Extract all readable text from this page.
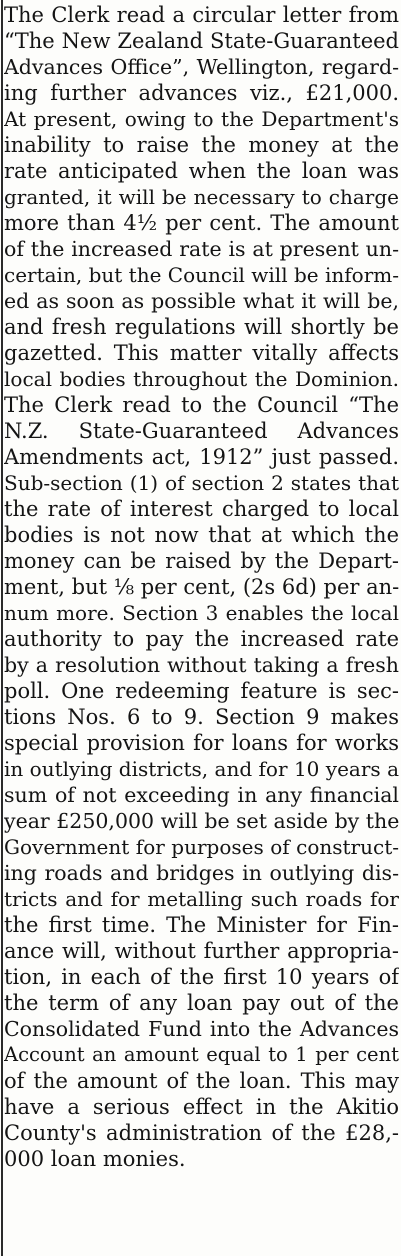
The Clerk read a circular letter from
“The New Zealand State-Guaranteed
Advances Office”, Wellington, regard-
ing further advances viz., £21,000.
At present, owing to the Department's
inability to raise the money at the
rate anticipated when the loan was
granted, it will be necessary to charge
more than 4½ per cent. The amount
of the increased rate is at present un-
certain, but the Council will be inform-
ed as soon as possible what it will be,
and fresh regulations will shortly be
gazetted. This matter vitally affects
local bodies throughout the Dominion.
The Clerk read to the Council “The
N.Z. State-Guaranteed Advances
Amendments act, 1912” just passed.
Sub-section (1) of section 2 states that
the rate of interest charged to local
bodies is not now that at which the
money can be raised by the Depart-
ment, but ⅛ per cent, (2s 6d) per an-
num more. Section 3 enables the local
authority to pay the increased rate
by a resolution without taking a fresh
poll. One redeeming feature is sec-
tions Nos. 6 to 9. Section 9 makes
special provision for loans for works
in outlying districts, and for 10 years a
sum of not exceeding in any financial
year £250,000 will be set aside by the
Government for purposes of construct-
ing roads and bridges in outlying dis-
tricts and for metalling such roads for
the first time. The Minister for Fin-
ance will, without further appropria-
tion, in each of the first 10 years of
the term of any loan pay out of the
Consolidated Fund into the Advances
Account an amount equal to 1 per cent
of the amount of the loan. This may
have a serious effect in the Akitio
County's administration of the £28,-
000 loan monies.
